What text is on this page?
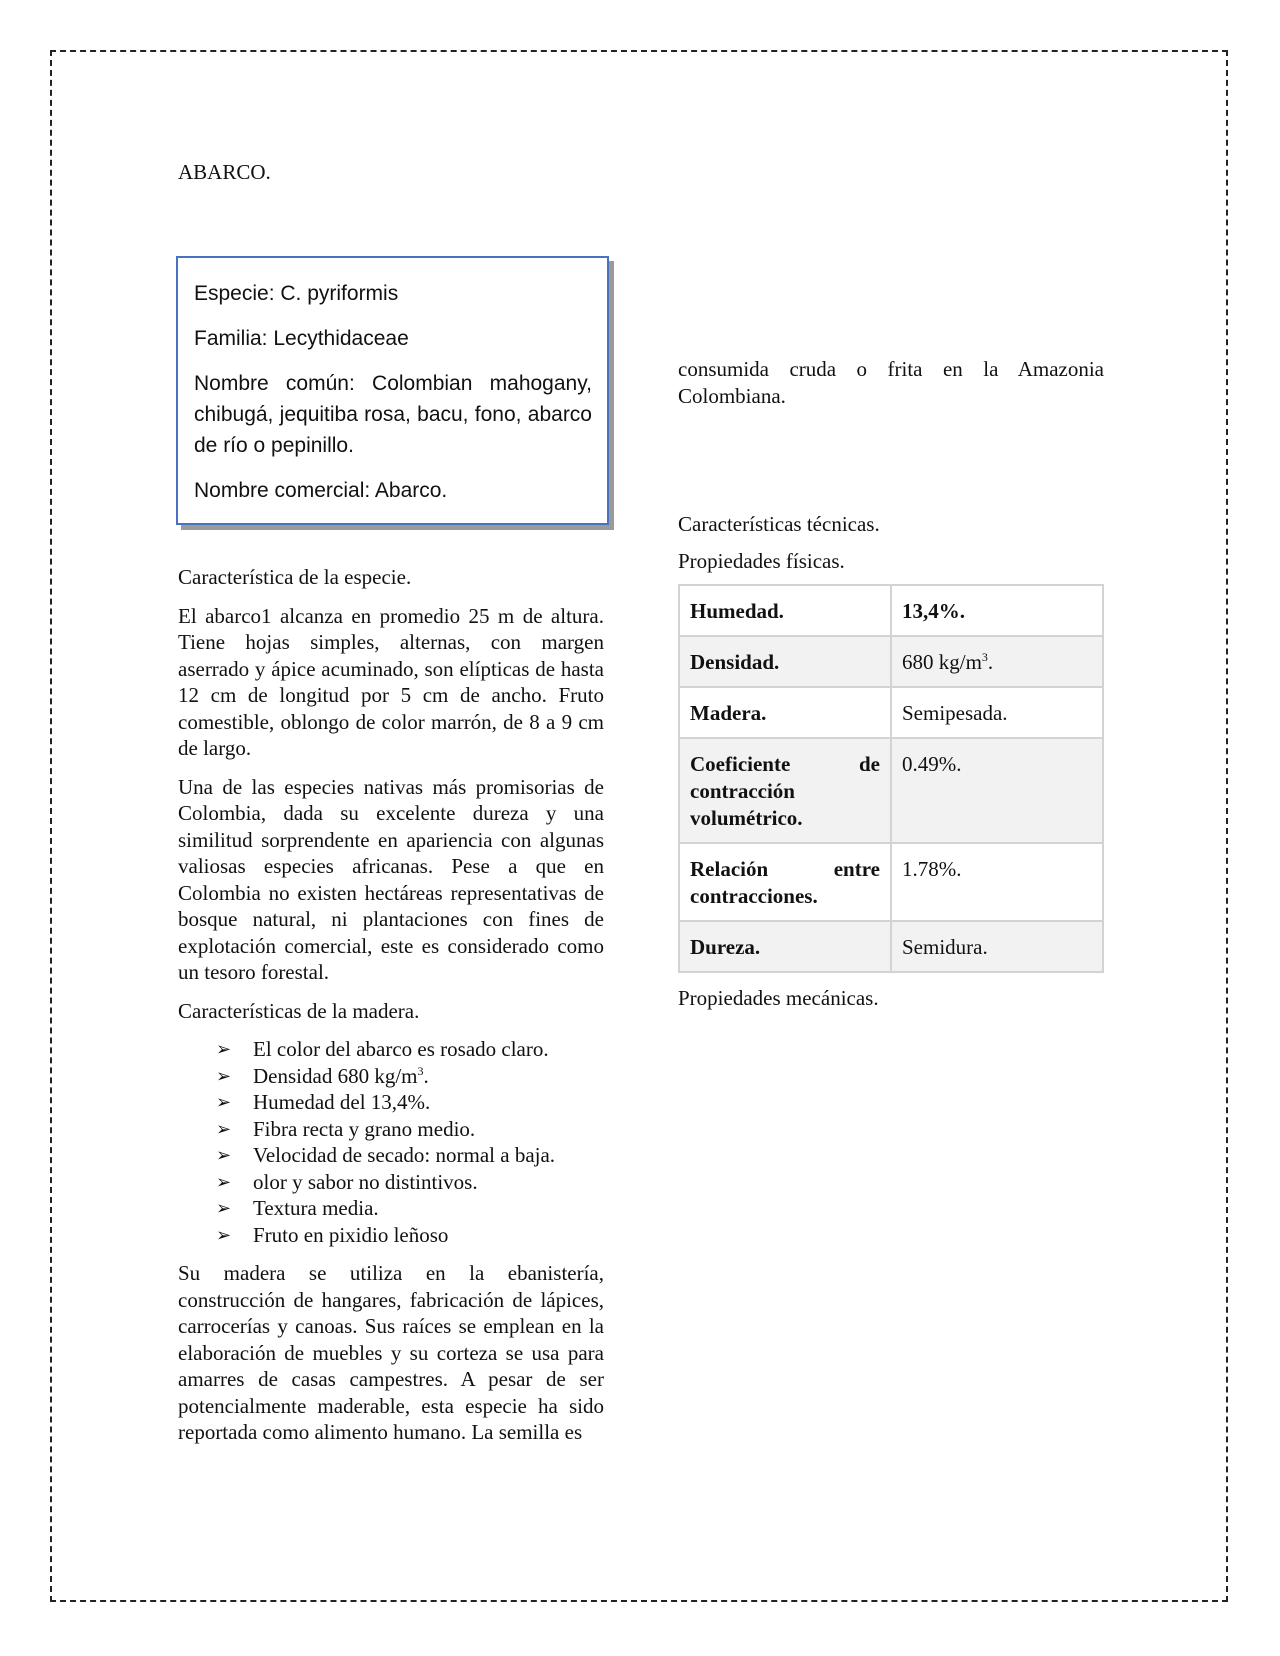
ABARCO.

Especie: C. pyriformis

Familia: Lecythidaceae

Nombre común: Colombian mahogany, chibugá, jequitiba rosa, bacu, fono, abarco de río o pepinillo.

Nombre comercial: Abarco.

Característica de la especie.

El abarco1 alcanza en promedio 25 m de altura. Tiene hojas simples, alternas, con margen aserrado y ápice acuminado, son elípticas de hasta 12 cm de longitud por 5 cm de ancho. Fruto comestible, oblongo de color marrón, de 8 a 9 cm de largo.

Una de las especies nativas más promisorias de Colombia, dada su excelente dureza y una similitud sorprendente en apariencia con algunas valiosas especies africanas. Pese a que en Colombia no existen hectáreas representativas de bosque natural, ni plantaciones con fines de explotación comercial, este es considerado como un tesoro forestal.

Características de la madera.

➢ El color del abarco es rosado claro.
➢ Densidad 680 $kg/m^3$.
➢ Humedad del 13,4%.
➢ Fibra recta y grano medio.
➢ Velocidad de secado: normal a baja.
➢ olor y sabor no distintivos.
➢ Textura media.
➢ Fruto en pixidio leñoso

Su madera se utiliza en la ebanistería, construcción de hangares, fabricación de lápices, carrocerías y canoas. Sus raíces se emplean en la elaboración de muebles y su corteza se usa para amarres de casas campestres. A pesar de ser potencialmente maderable, esta especie ha sido reportada como alimento humano. La semilla es

consumida cruda o frita en la Amazonia Colombiana.

Características técnicas.

Propiedades físicas.

Humedad.	13,4%.
Densidad.	680 $kg/m^3$.
Madera.	Semipesada.
Coeficiente de contracción volumétrico.	0.49%.
Relación entre contracciones.	1.78%.
Dureza.	Semidura.

Propiedades mecánicas.
